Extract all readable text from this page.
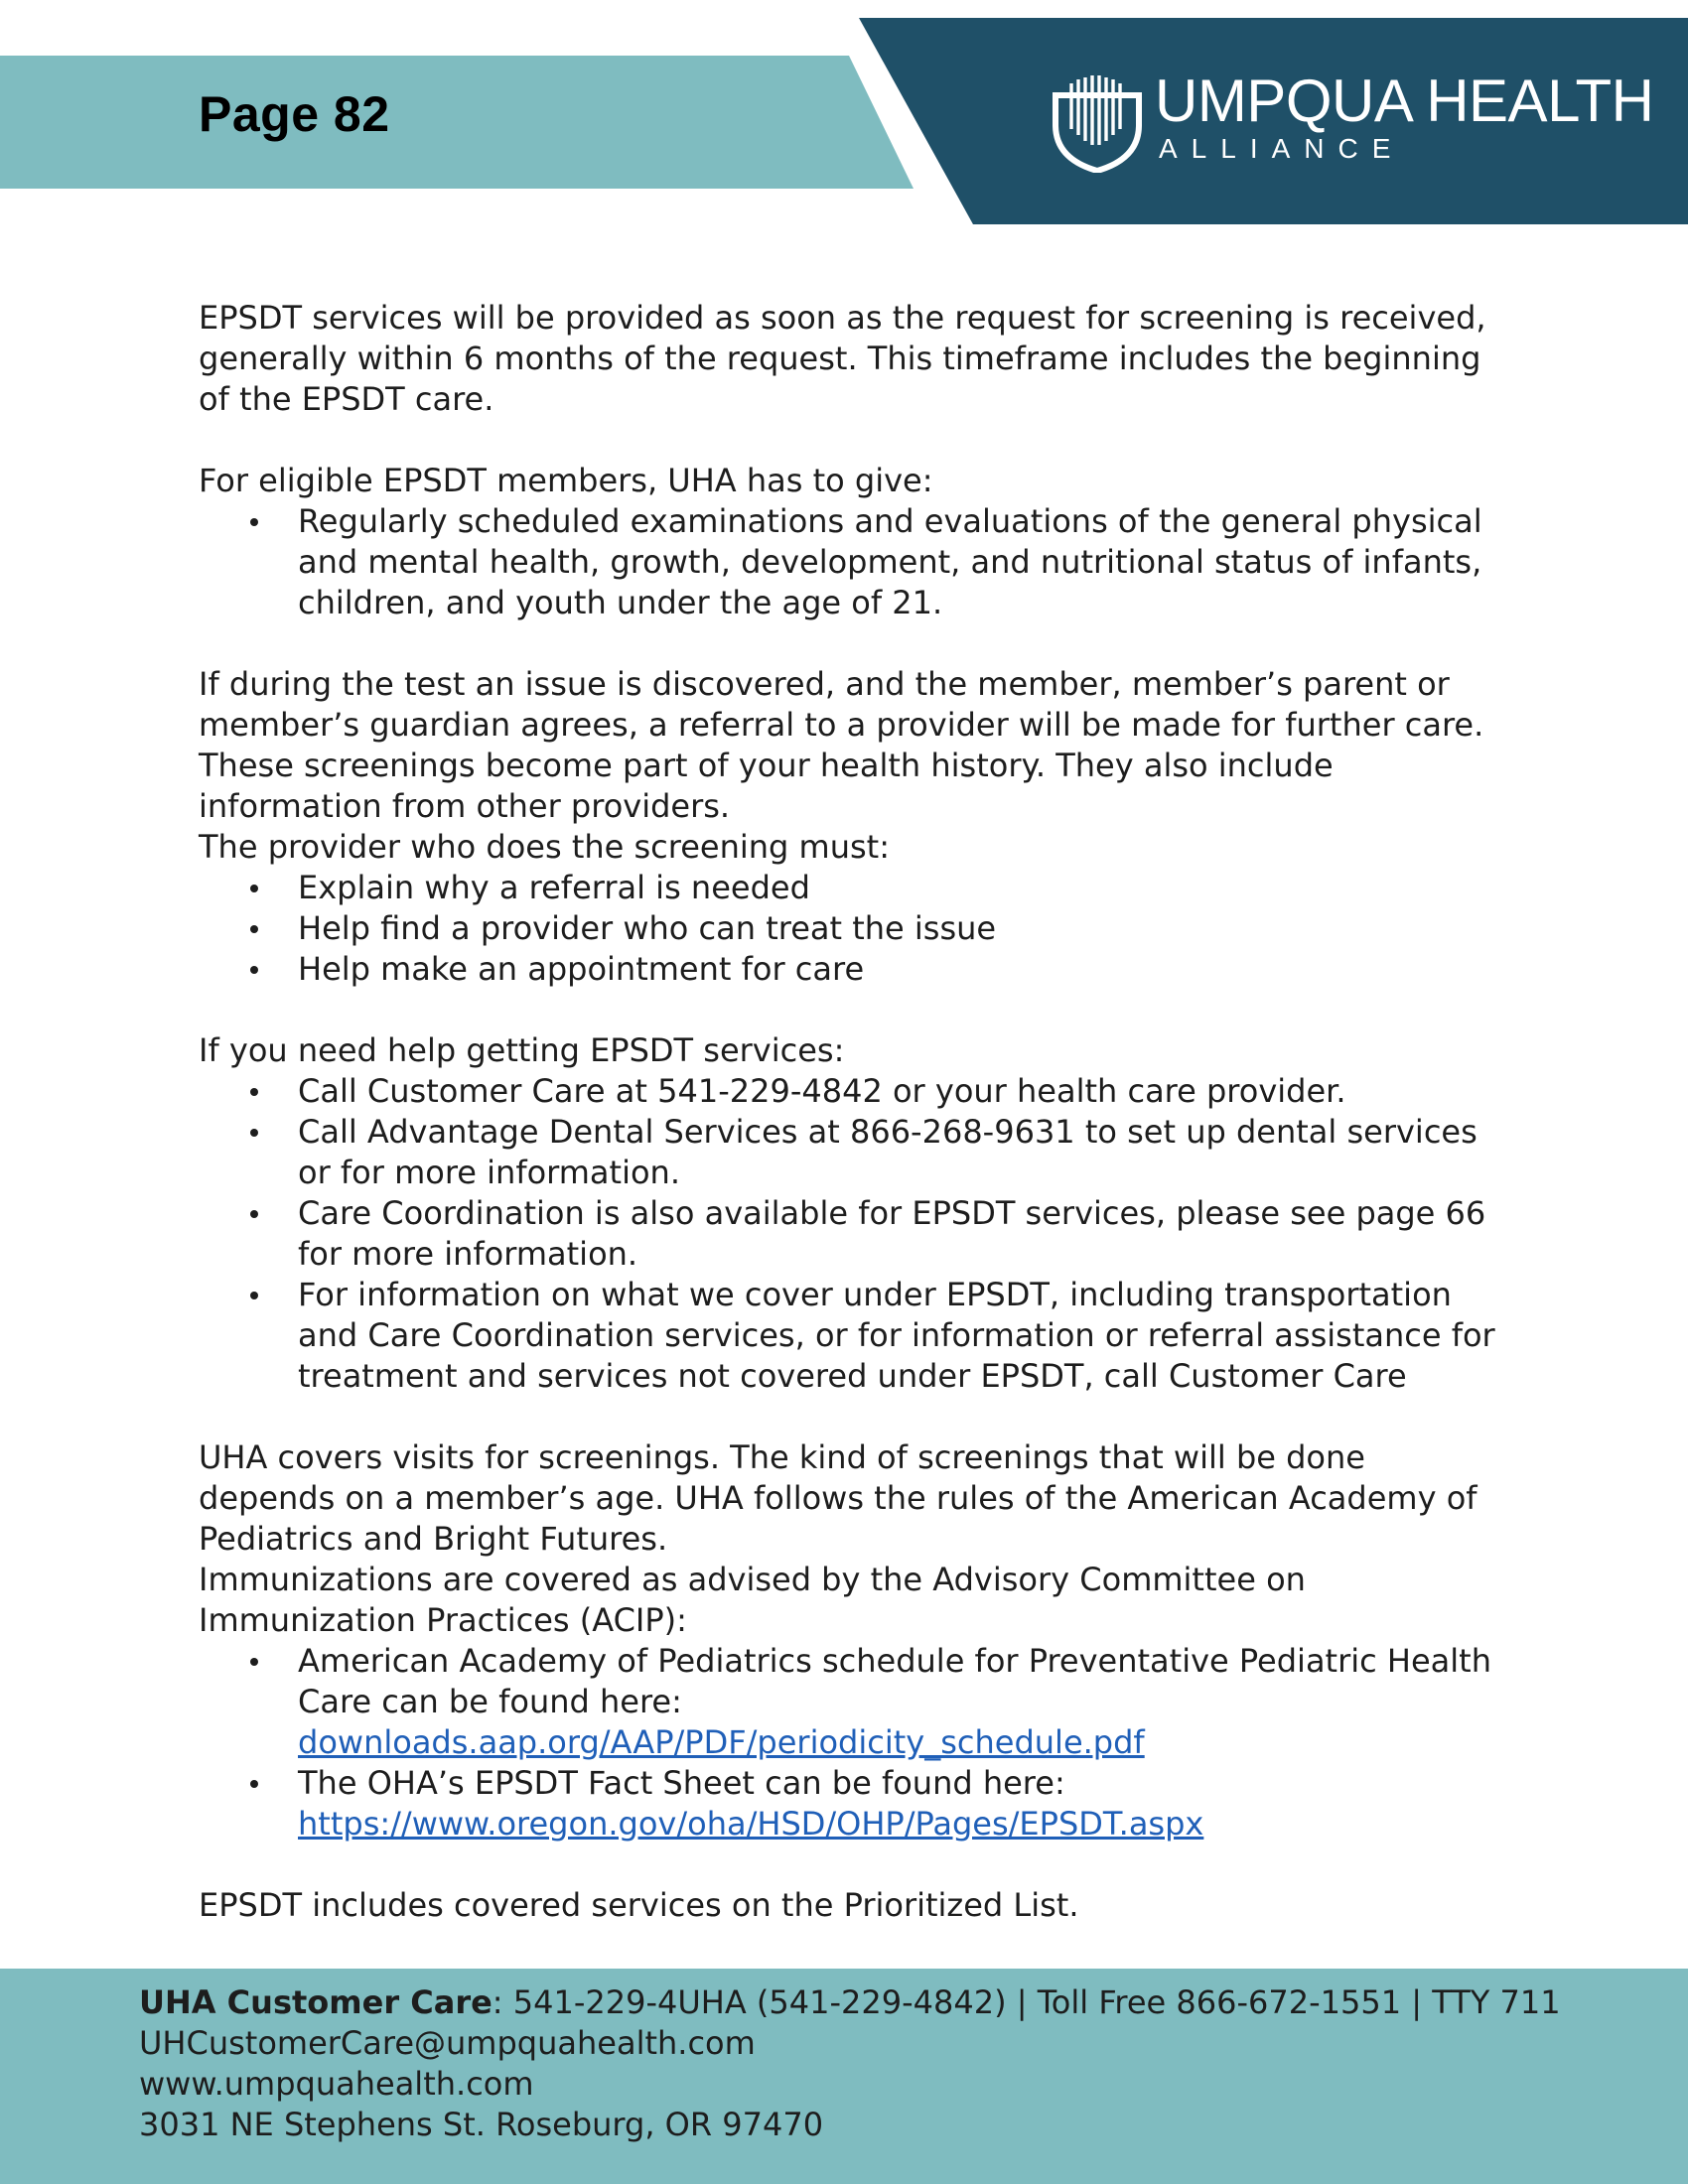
Page 82	UMPQUA HEALTH
ALLIANCE

EPSDT services will be provided as soon as the request for screening is received, generally within 6 months of the request. This timeframe includes the beginning of the EPSDT care.

For eligible EPSDT members, UHA has to give:

Regularly scheduled examinations and evaluations of the general physical and mental health, growth, development, and nutritional status of infants, children, and youth under the age of 21.

If during the test an issue is discovered, and the member, member’s parent or member’s guardian agrees, a referral to a provider will be made for further care. These screenings become part of your health history. They also include information from other providers.

The provider who does the screening must:

Explain why a referral is needed
Help find a provider who can treat the issue
Help make an appointment for care

If you need help getting EPSDT services:

Call Customer Care at 541-229-4842 or your health care provider.
Call Advantage Dental Services at 866-268-9631 to set up dental services or for more information.
Care Coordination is also available for EPSDT services, please see page 66 for more information.
For information on what we cover under EPSDT, including transportation and Care Coordination services, or for information or referral assistance for treatment and services not covered under EPSDT, call Customer Care

UHA covers visits for screenings. The kind of screenings that will be done depends on a member’s age. UHA follows the rules of the American Academy of Pediatrics and Bright Futures.

Immunizations are covered as advised by the Advisory Committee on Immunization Practices (ACIP):

American Academy of Pediatrics schedule for Preventative Pediatric Health Care can be found here:
downloads.aap.org/AAP/PDF/periodicity_schedule.pdf
The OHA’s EPSDT Fact Sheet can be found here:
https://www.oregon.gov/oha/HSD/OHP/Pages/EPSDT.aspx

EPSDT includes covered services on the Prioritized List.

UHA Customer Care: 541-229-4UHA (541-229-4842) | Toll Free 866-672-1551 | TTY 711
UHCustomerCare@umpquahealth.com
www.umpquahealth.com
3031 NE Stephens St. Roseburg, OR 97470
